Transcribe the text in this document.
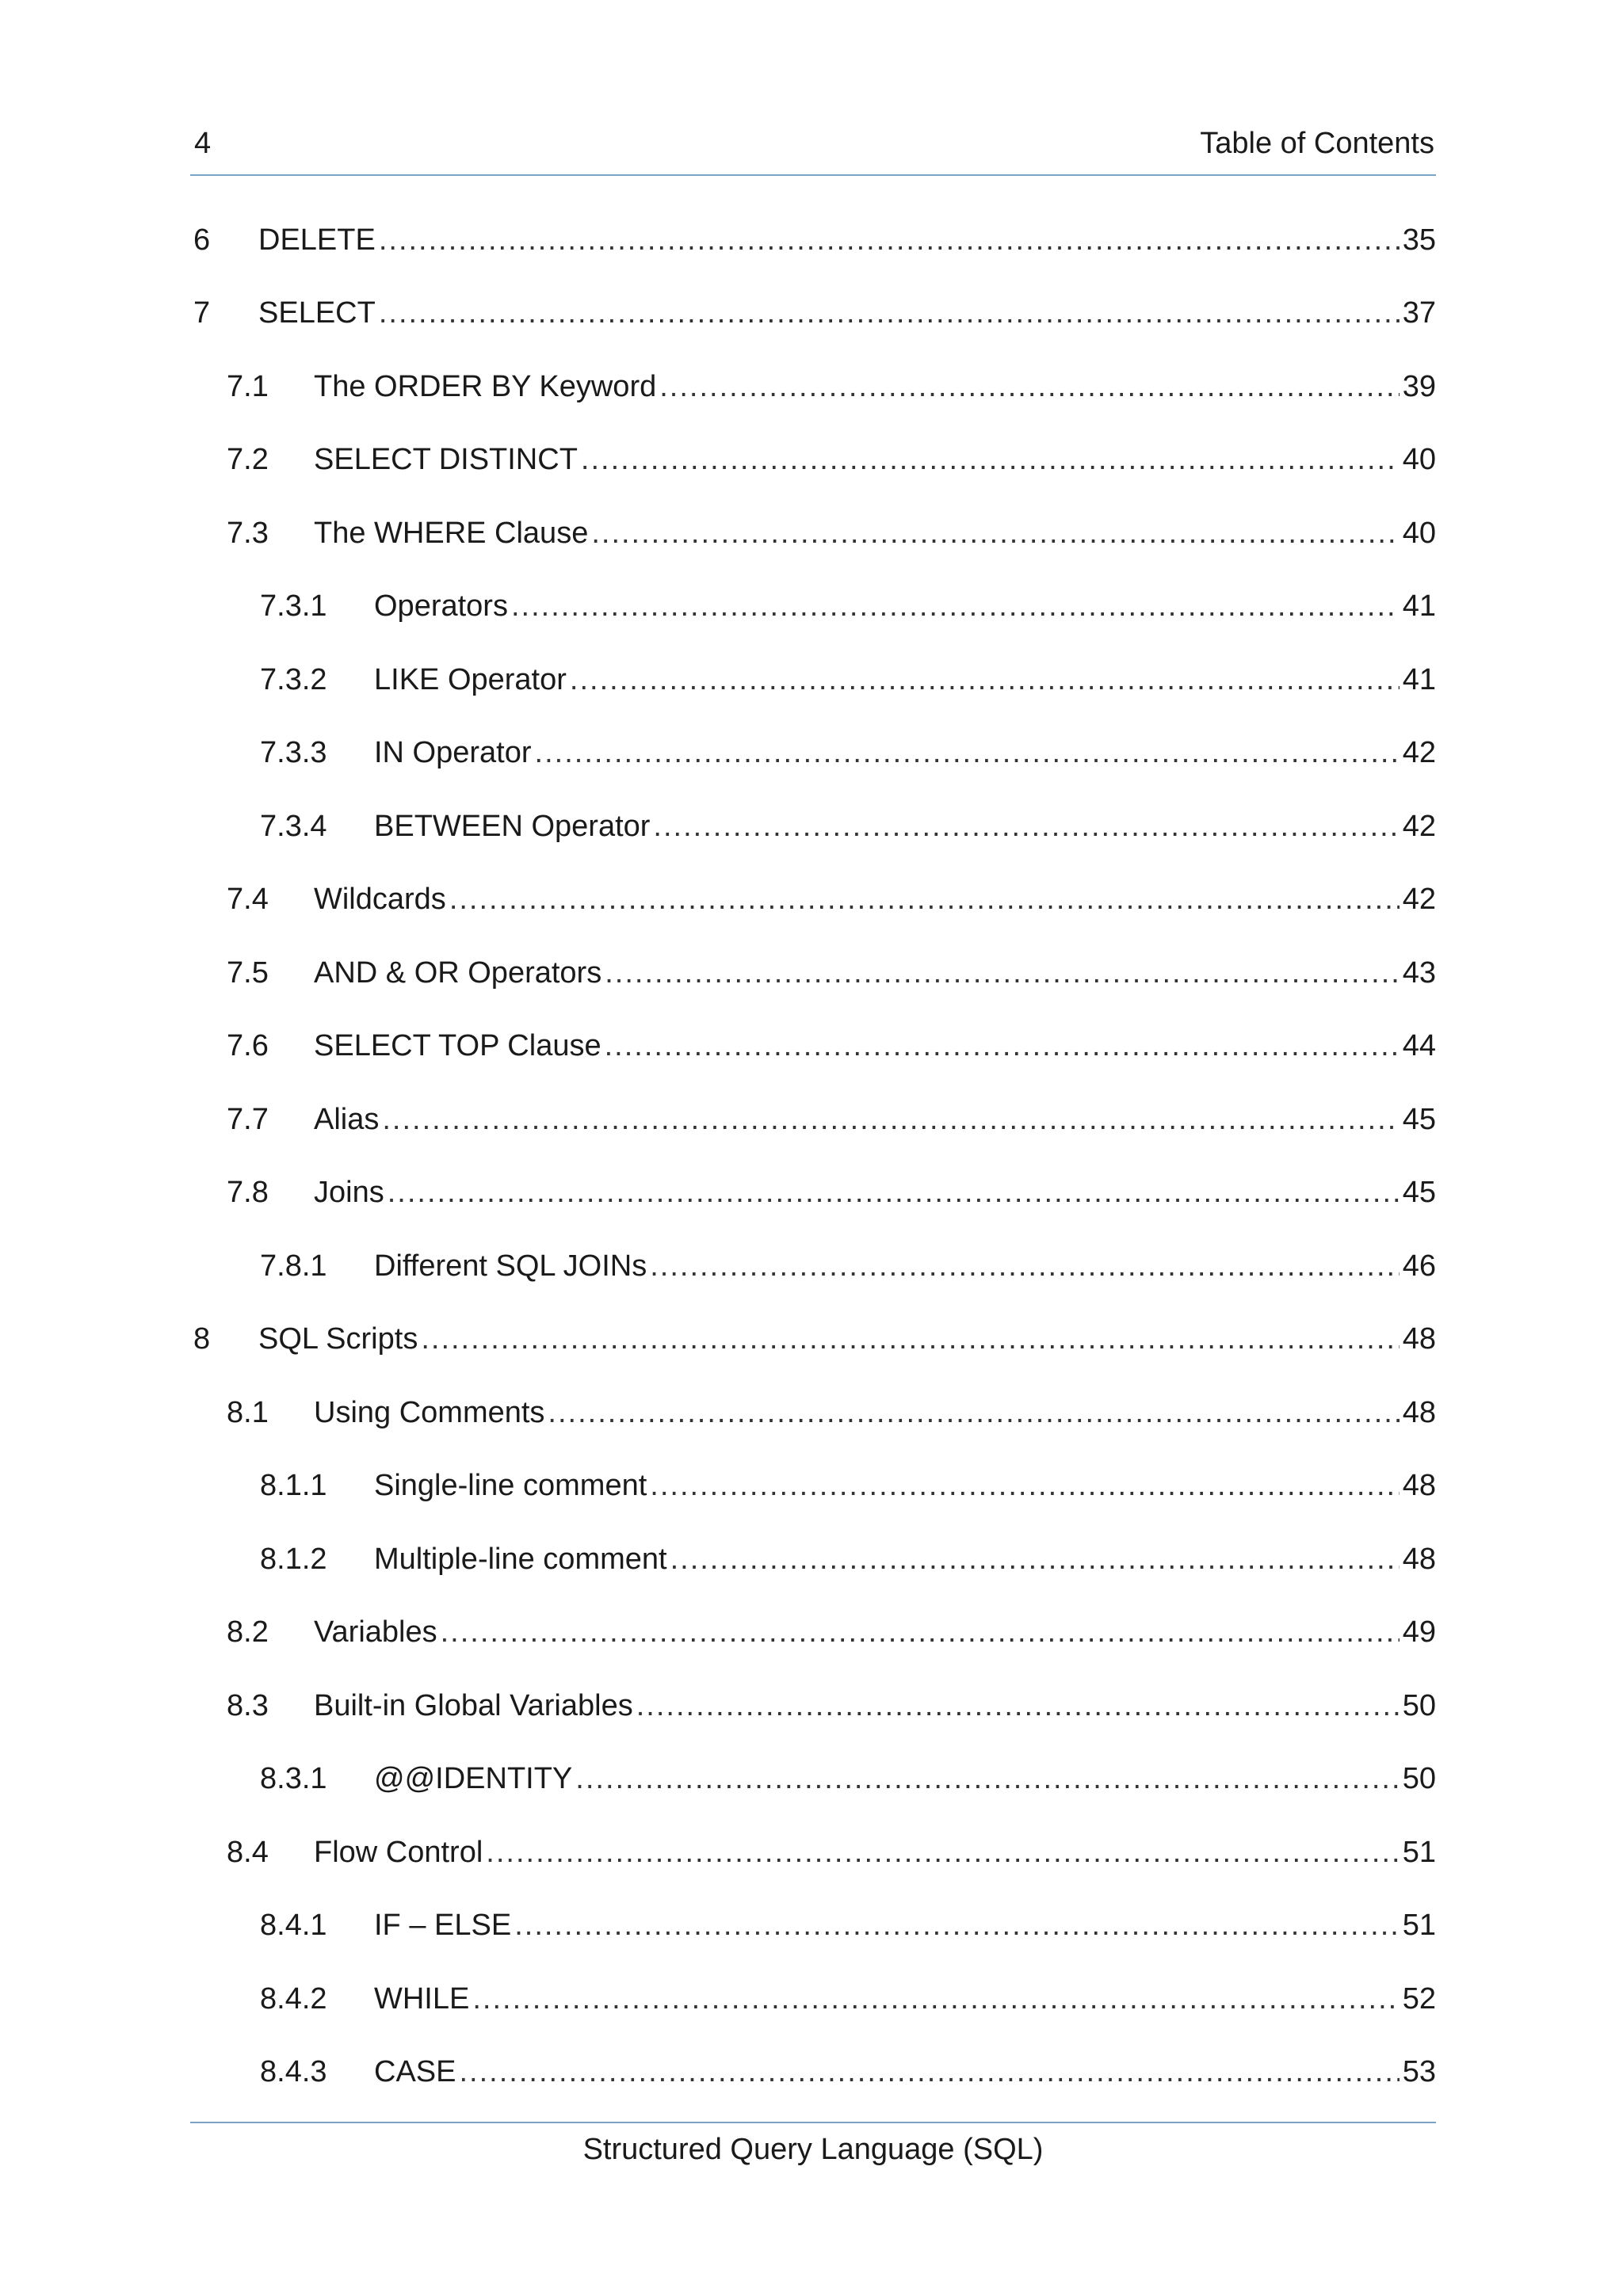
4	Table of Contents
6 DELETE .....	35
7 SELECT .....	37
7.1 The ORDER BY Keyword .....	39
7.2 SELECT DISTINCT .....	40
7.3 The WHERE Clause .....	40
7.3.1 Operators .....	41
7.3.2 LIKE Operator .....	41
7.3.3 IN Operator .....	42
7.3.4 BETWEEN Operator .....	42
7.4 Wildcards .....	42
7.5 AND & OR Operators .....	43
7.6 SELECT TOP Clause .....	44
7.7 Alias .....	45
7.8 Joins .....	45
7.8.1 Different SQL JOINs .....	46
8 SQL Scripts .....	48
8.1 Using Comments .....	48
8.1.1 Single-line comment .....	48
8.1.2 Multiple-line comment .....	48
8.2 Variables .....	49
8.3 Built-in Global Variables .....	50
8.3.1 @@IDENTITY .....	50
8.4 Flow Control .....	51
8.4.1 IF – ELSE .....	51
8.4.2 WHILE .....	52
8.4.3 CASE .....	53
Structured Query Language (SQL)
